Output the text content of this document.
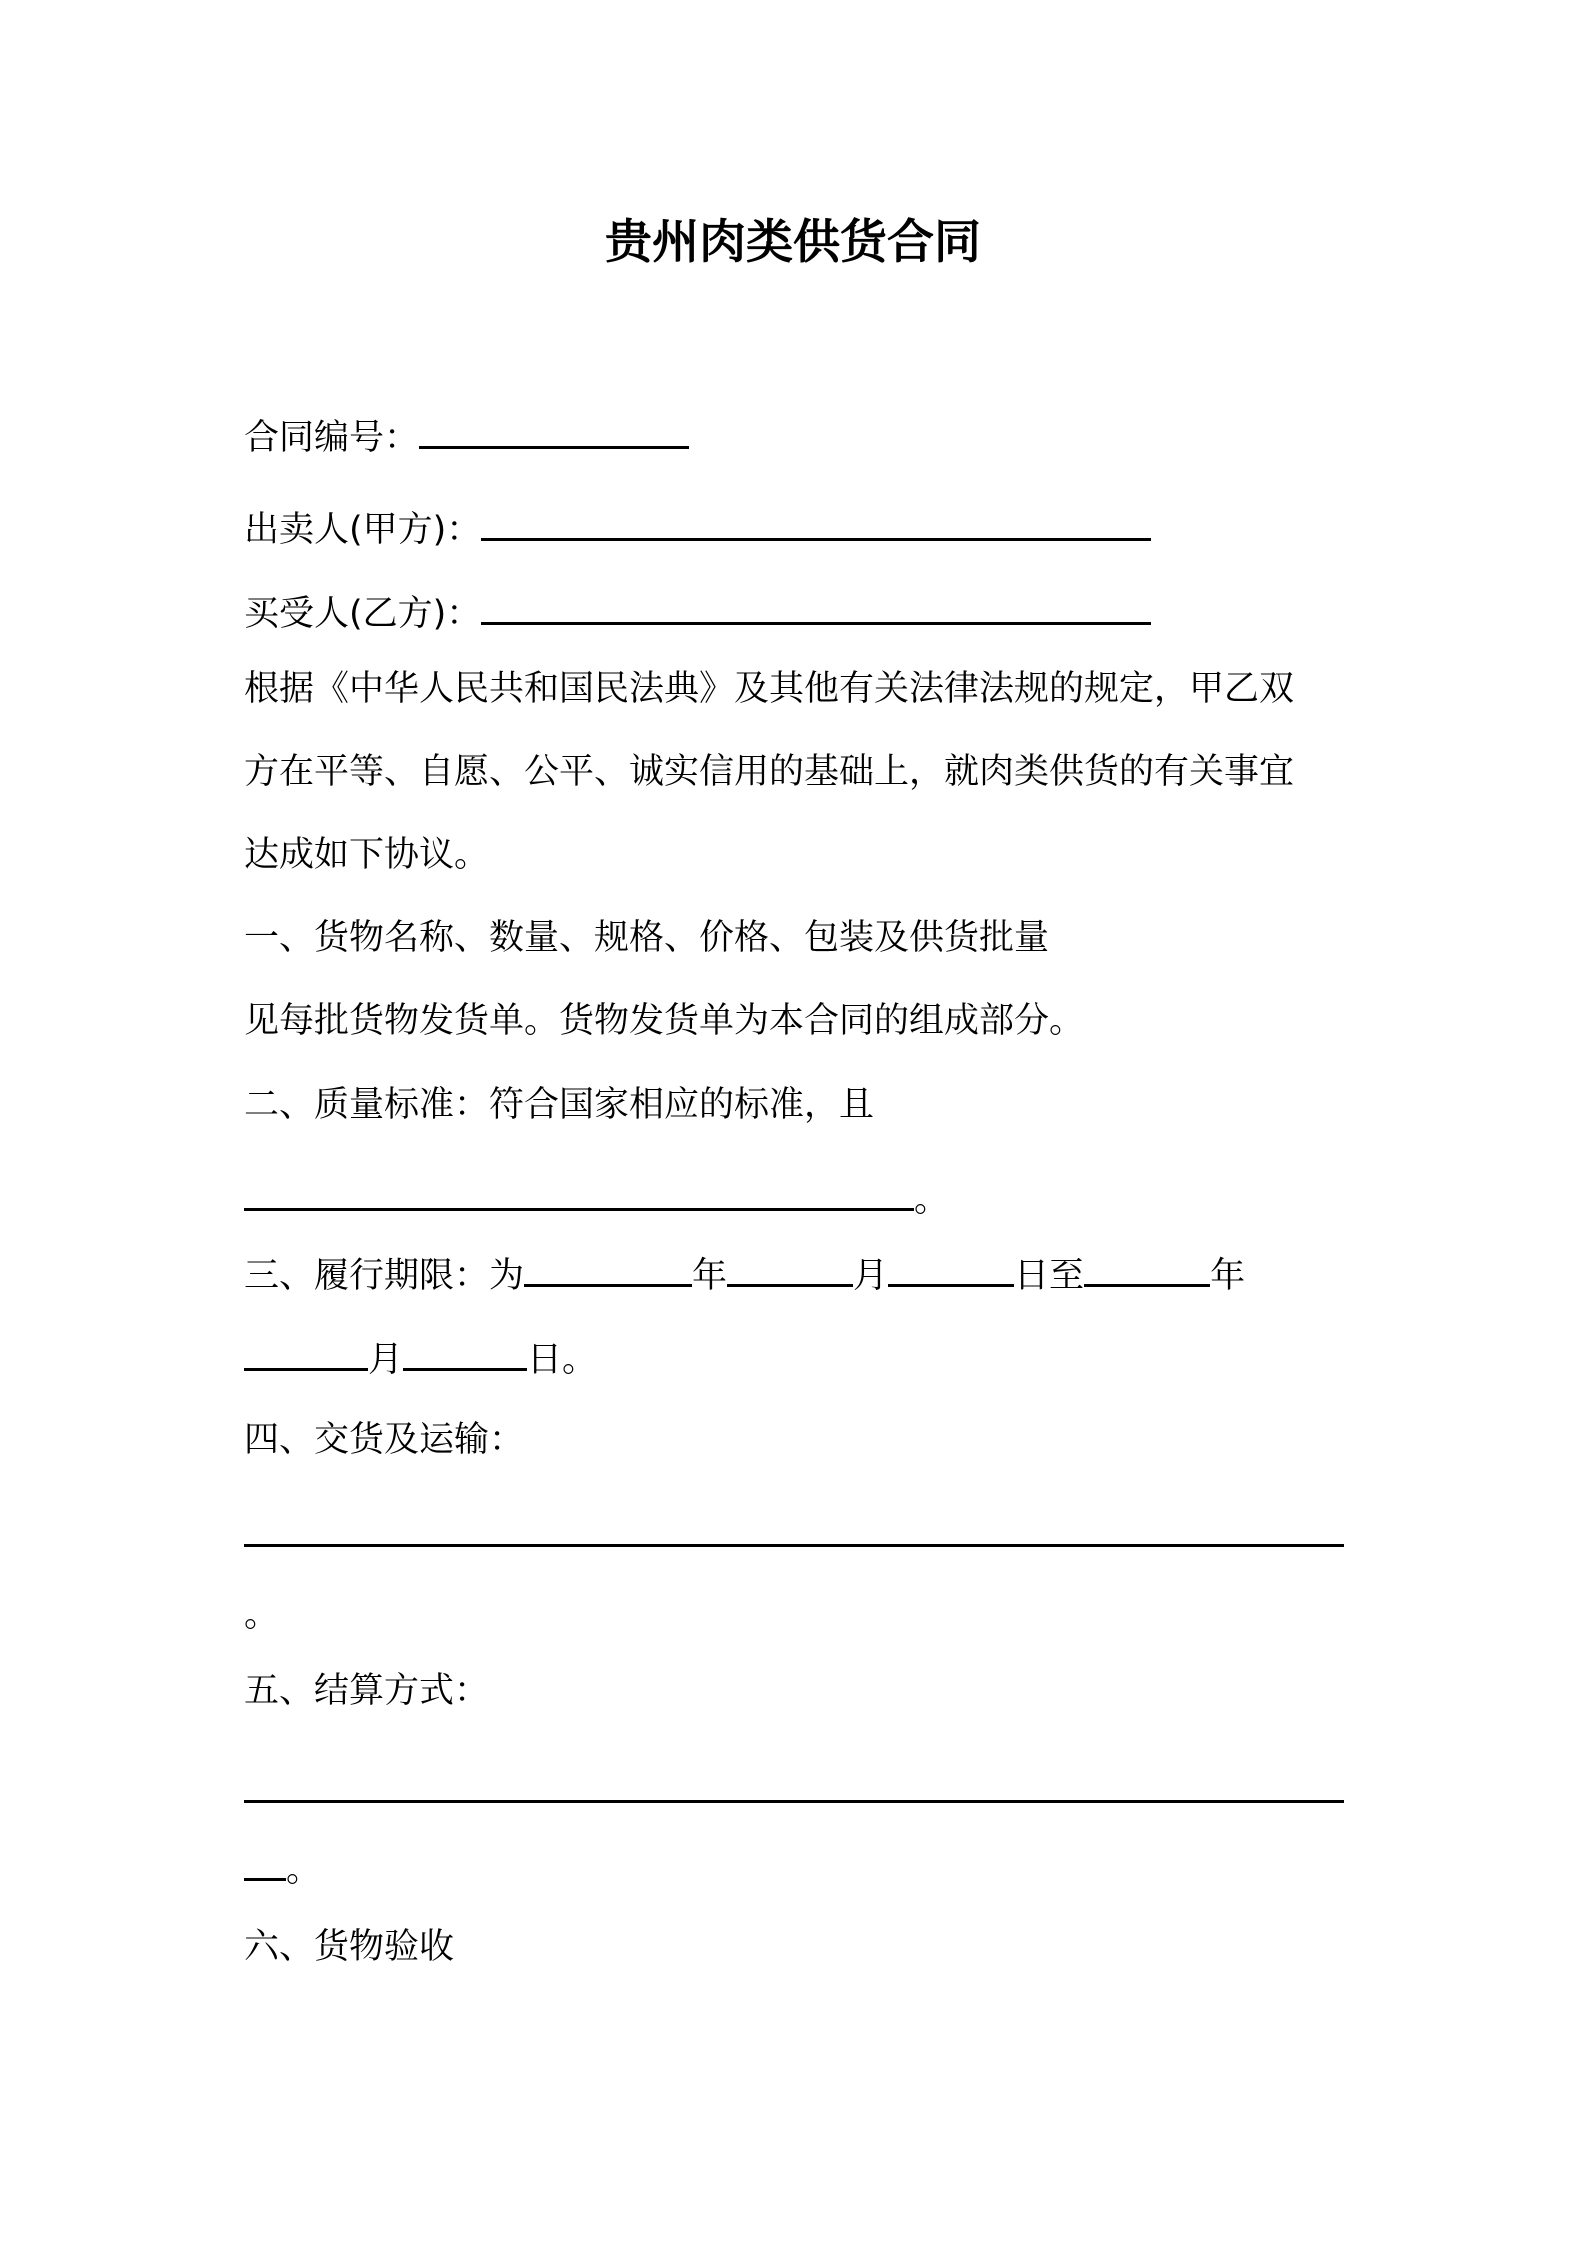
贵州肉类供货合同
合同编号：
出卖人(甲方)：
买受人(乙方)：
根据《中华人民共和国民法典》及其他有关法律法规的规定，甲乙双
方在平等、自愿、公平、诚实信用的基础上，就肉类供货的有关事宜
达成如下协议。
一、货物名称、数量、规格、价格、包装及供货批量
见每批货物发货单。货物发货单为本合同的组成部分。
二、质量标准：符合国家相应的标准，且
。
三、履行期限：为	年	月	日至	年
月	日。
四、交货及运输：
。
五、结算方式：
。
六、货物验收
